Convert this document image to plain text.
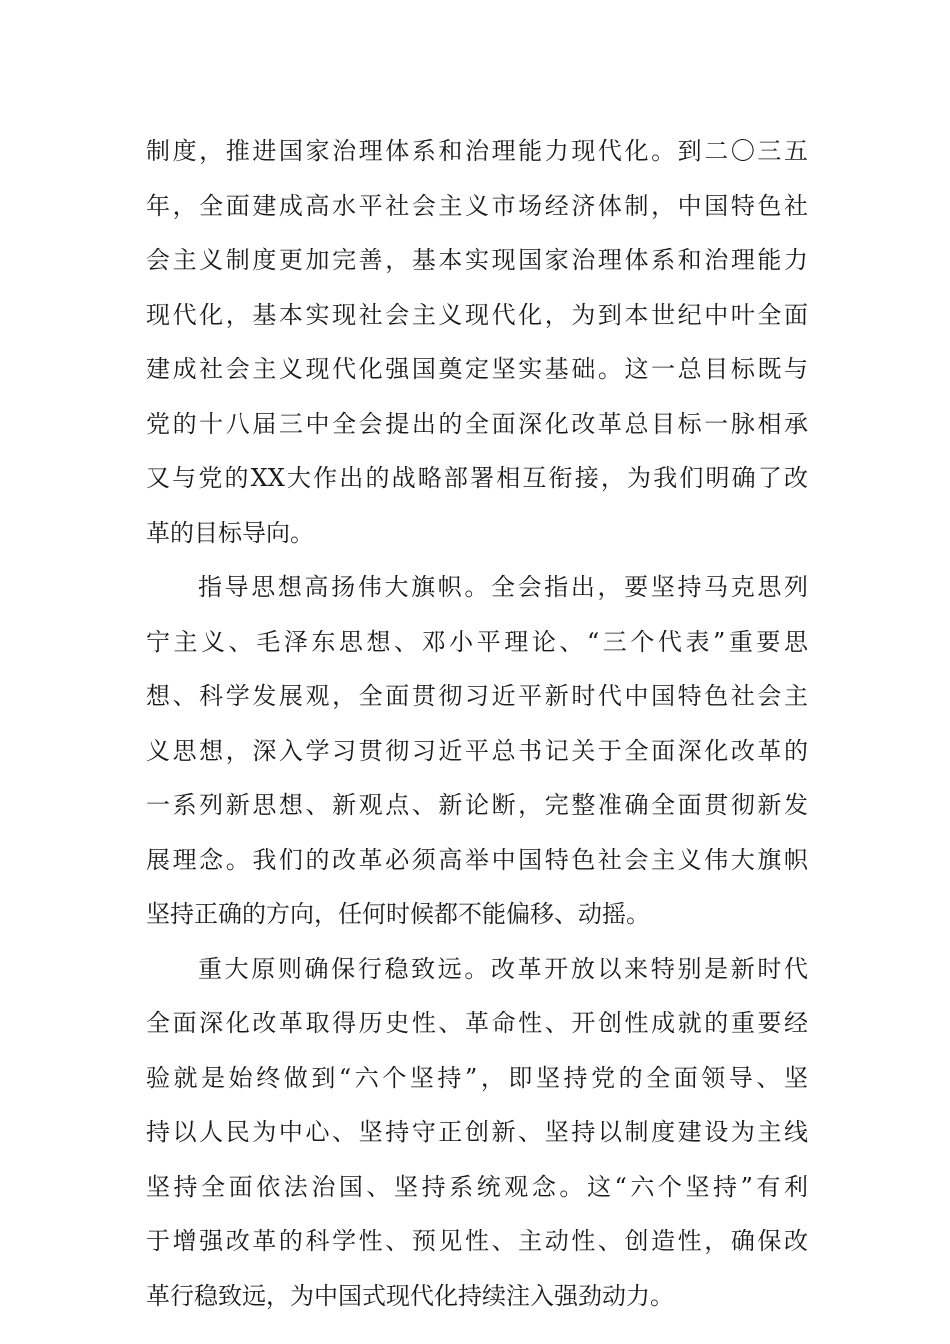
制度，推进国家治理体系和治理能力现代化。到二〇三五
年，全面建成高水平社会主义市场经济体制，中国特色社
会主义制度更加完善，基本实现国家治理体系和治理能力
现代化，基本实现社会主义现代化，为到本世纪中叶全面
建成社会主义现代化强国奠定坚实基础。这一总目标既与
党的十八届三中全会提出的全面深化改革总目标一脉相承
又与党的XX大作出的战略部署相互衔接，为我们明确了改
革的目标导向。
指导思想高扬伟大旗帜。全会指出，要坚持马克思列
宁主义、毛泽东思想、邓小平理论、“三个代表”重要思
想、科学发展观，全面贯彻习近平新时代中国特色社会主
义思想，深入学习贯彻习近平总书记关于全面深化改革的
一系列新思想、新观点、新论断，完整准确全面贯彻新发
展理念。我们的改革必须高举中国特色社会主义伟大旗帜
坚持正确的方向，任何时候都不能偏移、动摇。
重大原则确保行稳致远。改革开放以来特别是新时代
全面深化改革取得历史性、革命性、开创性成就的重要经
验就是始终做到“六个坚持”，即坚持党的全面领导、坚
持以人民为中心、坚持守正创新、坚持以制度建设为主线
坚持全面依法治国、坚持系统观念。这“六个坚持”有利
于增强改革的科学性、预见性、主动性、创造性，确保改
革行稳致远，为中国式现代化持续注入强劲动力。
